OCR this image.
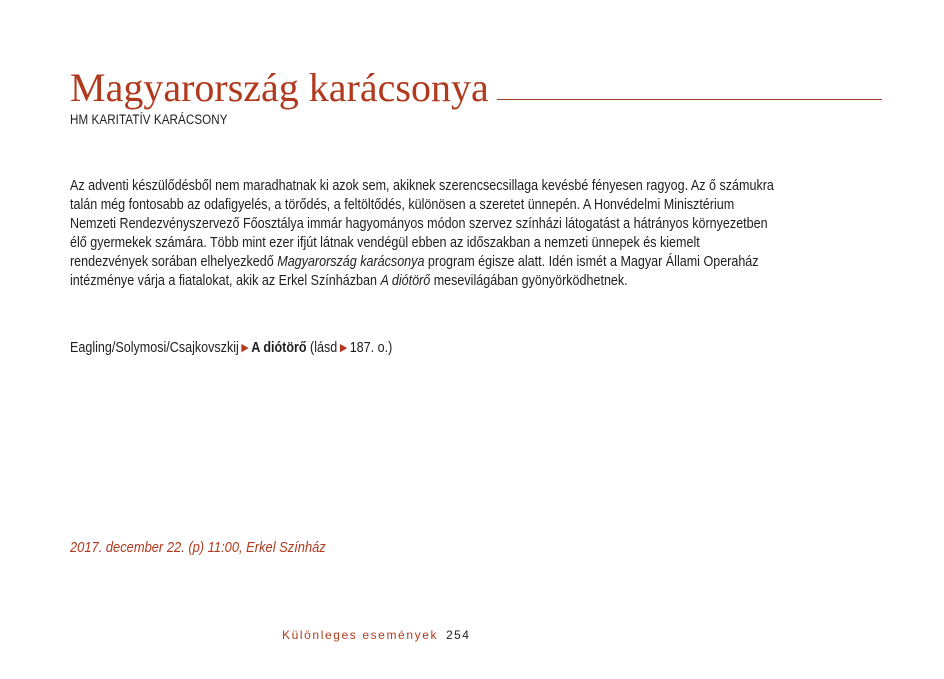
Magyarország karácsonya
HM KARITATÍV KARÁCSONY
Az adventi készülődésből nem maradhatnak ki azok sem, akiknek szerencsecsillaga kevésbé fényesen ragyog. Az ő számukra
talán még fontosabb az odafigyelés, a törődés, a feltöltődés, különösen a szeretet ünnepén. A Honvédelmi Minisztérium
Nemzeti Rendezvényszervező Főosztálya immár hagyományos módon szervez színházi látogatást a hátrányos környezetben
élő gyermekek számára. Több mint ezer ifjút látnak vendégül ebben az időszakban a nemzeti ünnepek és kiemelt
rendezvények sorában elhelyezkedő Magyarország karácsonya program égisze alatt. Idén ismét a Magyar Állami Operaház
intézménye várja a fiatalokat, akik az Erkel Színházban A diótörő mesevilágában gyönyörködhetnek.
Eagling/Solymosi/Csajkovszkij ▶ A diótörő (lásd ▶ 187. o.)
2017. december 22. (p) 11:00, Erkel Színház
Különleges események 254
